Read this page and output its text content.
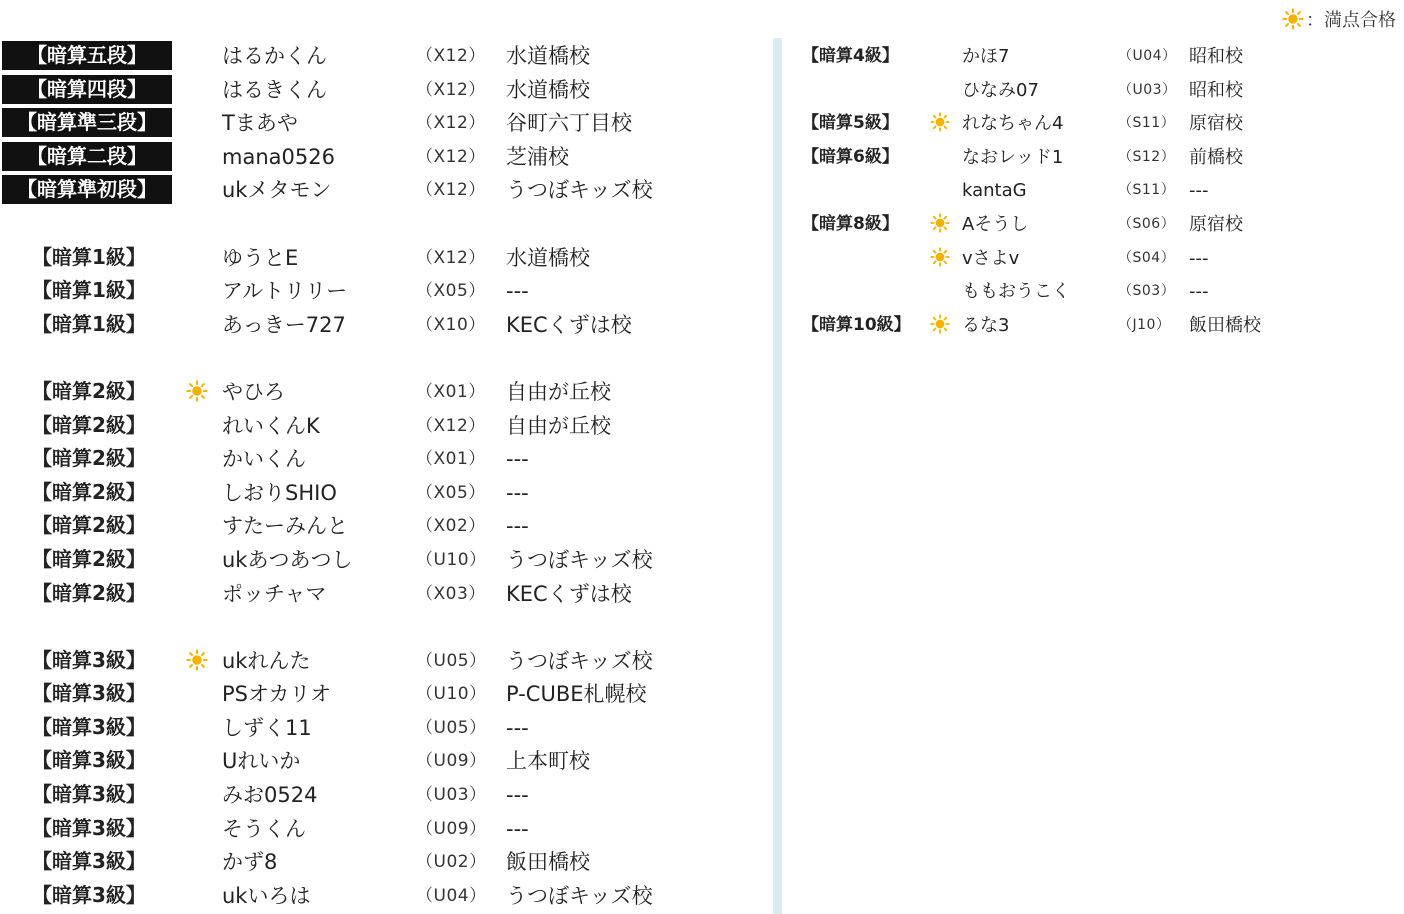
：満点合格
【暗算五段】	はるかくん	（X12） 水道橋校
【暗算四段】	はるきくん	（X12） 水道橋校
【暗算準三段】	Tまあや	（X12） 谷町六丁目校
【暗算二段】	mana0526	（X12） 芝浦校
【暗算準初段】	ukメタモン	（X12） うつぼキッズ校
【暗算1級】	ゆうとE	（X12） 水道橋校
【暗算1級】	アルトリリー	（X05） ---
【暗算1級】	あっきー727	（X10） KECくずは校
【暗算2級】	やひろ	（X01） 自由が丘校
【暗算2級】	れいくんK	（X12） 自由が丘校
【暗算2級】	かいくん	（X01） ---
【暗算2級】	しおりSHIO	（X05） ---
【暗算2級】	すたーみんと	（X02） ---
【暗算2級】	ukあつあつし	（U10） うつぼキッズ校
【暗算2級】	ポッチャマ	（X03） KECくずは校
【暗算3級】	ukれんた	（U05） うつぼキッズ校
【暗算3級】	PSオカリオ	（U10） P-CUBE札幌校
【暗算3級】	しずく11	（U05） ---
【暗算3級】	Uれいか	（U09） 上本町校
【暗算3級】	みお0524	（U03） ---
【暗算3級】	そうくん	（U09） ---
【暗算3級】	かず8	（U02） 飯田橋校
【暗算3級】	ukいろは	（U04） うつぼキッズ校
【暗算4級】	かほ7	（U04） 昭和校
ひなみ07	（U03） 昭和校
【暗算5級】	れなちゃん4	（S11） 原宿校
【暗算6級】	なおレッド1	（S12） 前橋校
kantaG	（S11） ---
【暗算8級】	Aそうし	（S06） 原宿校
vさよv	（S04） ---
ももおうこく	（S03） ---
【暗算10級】	るな3	（J10） 飯田橋校
